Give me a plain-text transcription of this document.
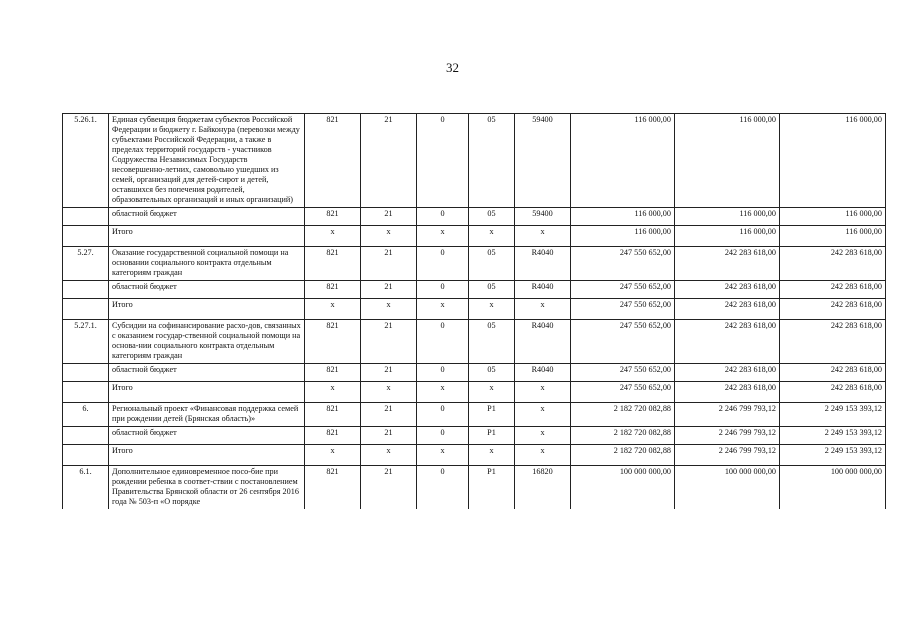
32
5.26.1.	Единая субвенция бюджетам субъектов Российской Федерации и бюджету г. Байконура (перевозки между субъектами Российской Федерации, а также в пределах территорий государств - участников Содружества Независимых Государств несовершенно-летних, самовольно ушедших из семей, организаций для детей-сирот и детей, оставшихся без попечения родителей, образовательных организаций и иных организаций)	821	21	0	05	59400	116 000,00	116 000,00	116 000,00
	областной бюджет	821	21	0	05	59400	116 000,00	116 000,00	116 000,00
	Итого	х	х	х	х	х	116 000,00	116 000,00	116 000,00
5.27.	Оказание государственной социальной помощи на основании социального контракта отдельным категориям граждан	821	21	0	05	R4040	247 550 652,00	242 283 618,00	242 283 618,00
	областной бюджет	821	21	0	05	R4040	247 550 652,00	242 283 618,00	242 283 618,00
	Итого	х	х	х	х	х	247 550 652,00	242 283 618,00	242 283 618,00
5.27.1.	Субсидии на софинансирование расхо-дов, связанных с оказанием государ-ственной социальной помощи на основа-нии социального контракта отдельным категориям граждан	821	21	0	05	R4040	247 550 652,00	242 283 618,00	242 283 618,00
	областной бюджет	821	21	0	05	R4040	247 550 652,00	242 283 618,00	242 283 618,00
	Итого	х	х	х	х	х	247 550 652,00	242 283 618,00	242 283 618,00
6.	Региональный проект «Финансовая поддержка семей при рождении детей (Брянская область)»	821	21	0	Р1	х	2 182 720 082,88	2 246 799 793,12	2 249 153 393,12
	областной бюджет	821	21	0	Р1	х	2 182 720 082,88	2 246 799 793,12	2 249 153 393,12
	Итого	х	х	х	х	х	2 182 720 082,88	2 246 799 793,12	2 249 153 393,12
6.1.	Дополнительное единовременное посо-бие при рождении ребенка в соответ-ствии с постановлением Правительства Брянской области от 26 сентября 2016 года № 503-п «О порядке	821	21	0	Р1	16820	100 000 000,00	100 000 000,00	100 000 000,00
